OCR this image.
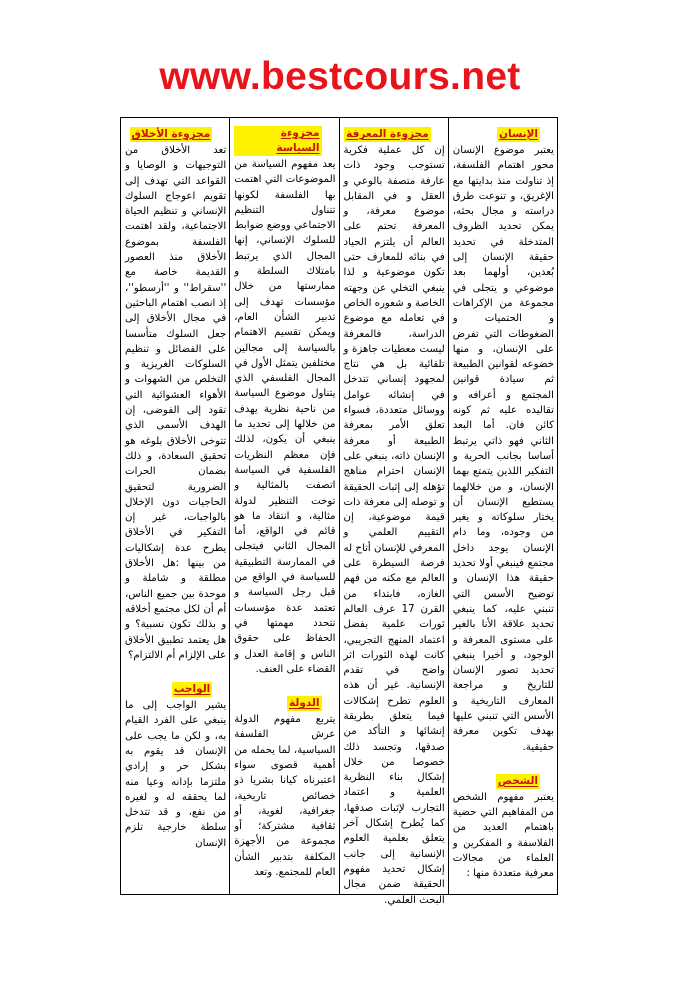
www.bestcours.net
الإنسان
يعتبر موضوع الإنسان محور اهتمام الفلسفة، إذ تناولت منذ بدايتها مع الإغريق، و تنوعت طرق دراسته و مجال بحثه، يمكن تحديد الظروف المتدخلة في تحديد حقيقة الإنسان إلى بُعدين، أولهما بعد موضوعي و يتجلى في مجموعة من الإكراهات و الحتميات و الضغوطات التي تفرض على الإنسان، و منها خضوعه لقوانين الطبيعة ثم سيادة قوانين المجتمع و أعرافه و تقاليده عليه ثم كونه كائن فان. أما البعد الثاني فهو ذاتي يرتبط أساسا بجانب الحرية و التفكير اللذين يتمتع بهما الإنسان، و من خلالهما يستطيع الإنسان أن يختار سلوكاته و يغير من وجوده، وما دام الإنسان يوجد داخل مجتمع فينبغي أولا تحديد حقيقة هذا الإنسان و توضيح الأسس التي تنبني عليه، كما ينبغي تحديد علاقة الأنا بالغير على مستوى المعرفة و الوجود، و أخيرا ينبغي تحديد تصور الإنسان للتاريخ و مراجعة المعارف التاريخية و الأسس التي تنبني عليها بهدف تكوين معرفة حقيقية.
الشخص
يعتبر مفهوم الشخص من المفاهيم التي حضية باهتمام العديد من الفلاسفة و المفكرين و العلماء من مجالات معرفية متعددة منها :
مجزوءة المعرفة
إن كل عملية فكرية تستوجب وجود ذات عارفة متصفة بالوعي و العقل و في المقابل موضوع معرفة، و المعرفة تحتم على العالم أن يلتزم الحياد في بنائه للمعارف حتى تكون موضوعية و لذا ينبغي التخلي عن وجهته الخاصة و شعوره الخاص في تعامله مع موضوع الدراسة، فالمعرفة ليست معطيات جاهزة و تلقائية بل هي نتاج لمجهود إنساني تتدخل في إنشائه عوامل ووسائل متعددة، فسواء تعلق الأمر بمعرفة الطبيعة أو معرفة الإنسان ذاته، ينبغي على الإنسان احترام مناهج تؤهله إلى إثبات الحقيقة و توصله إلى معرفة ذات قيمة موضوعية، إن التقييم العلمي و المعرفي للإنسان أتاح له فرصة السيطرة على العالم مع مكنه من فهم الغازه، فابتداء من القرن 17 عرف العالم ثورات علمية بفضل اعتماد المنهج التجريبي، كانت لهذه الثورات اثر واضح في تقدم الإنسانية. غير أن هذه العلوم تطرح إشكالات فيما يتعلق بطريقة إنشائها و التأكد من صدقها، وتجسد ذلك خصوصا من خلال إشكال بناء النظرية العلمية و اعتماد التجارب لإثبات صدقها، كما يُطرح إشكال آخر يتعلق بعلمية العلوم الإنسانية إلى جانب إشكال تحديد مفهوم الحقيقة ضمن مجال البحث العلمي.
مجزوءة السياسة
يعد مفهوم السياسة من الموضوعات التي اهتمت بها الفلسفة لكونها تتناول التنظيم الاجتماعي ووضع ضوابط للسلوك الإنساني، إنها المجال الذي يرتبط بامتلاك السلطة و ممارستها من خلال مؤسسات تهدف إلى تدبير الشأن العام، ويمكن تقسيم الاهتمام بالسياسة إلى مجالين مختلفين يتمثل الأول في المجال الفلسفي الذي يتناول موضوع السياسة من ناحية نظرية يهدف من خلالها إلى تحديد ما ينبغي أن يكون، لذلك فإن معظم النظريات الفلسفية في السياسة اتصفت بالمثالية و توخت التنظير لدولة مثالية، و انتقاد ما هو قائم في الواقع، أما المجال الثاني فيتجلى في الممارسة التطبيقية للسياسة في الواقع من قبل رجل السياسة و تعتمد عدة مؤسسات تتحدد مهمتها في الحفاظ على حقوق الناس و إقامة العدل و القضاء على العنف.
الدولة
يتربع مفهوم الدولة عرش الفلسفة السياسية، لما يحمله من أهمية قصوى سواء اعتبرناه كيانا بشريا ذو خصائص تاريخية، جغرافية، لغوية، أو ثقافية مشتركة؛ أو مجموعة من الأجهزة المكلفة بتدبير الشأن العام للمجتمع. وتعد
مجزوءة الأخلاق
تعد الأخلاق من التوجيهات و الوصايا و القواعد التي تهدف إلى تقويم اعوجاج السلوك الإنساني و تنظيم الحياة الاجتماعية، ولقد اهتمت الفلسفة بموضوع الأخلاق منذ العصور القديمة خاصة مع ''سقراط'' و ''أرسطو''، إذ انصب اهتمام الباحثين في مجال الأخلاق إلى جعل السلوك متأسسا على الفضائل و تنظيم السلوكات الغريزية و التخلص من الشهوات و الأهواء العشوائية التي تقود إلى الفوضى، إن الهدف الأسمى الذي تتوخى الأخلاق بلوغه هو تحقيق السعادة، و ذلك بضمان الحرات الضرورية لتحقيق الحاجيات دون الإخلال بالواجبات، غير إن التفكير في الأخلاق يطرح عدة إشكاليات من بينها :هل الأخلاق مطلقة و شاملة و موحدة بين جميع الناس، أم أن لكل مجتمع أخلاقه و بذلك تكون نسبية؟ و هل يعتمد تطبيق الأخلاق على الإلزام أم الالتزام؟
الواجب
يشير الواجب إلى ما ينبغي على الفرد القيام به، و لكن ما يجب على الإنسان قد يقوم به بشكل حر و إرادي ملتزما بإدانه وعيا منه لما يحققه له و لغيره من نفع، و قد تتدخل سلطة خارجية تلزم الإنسان
